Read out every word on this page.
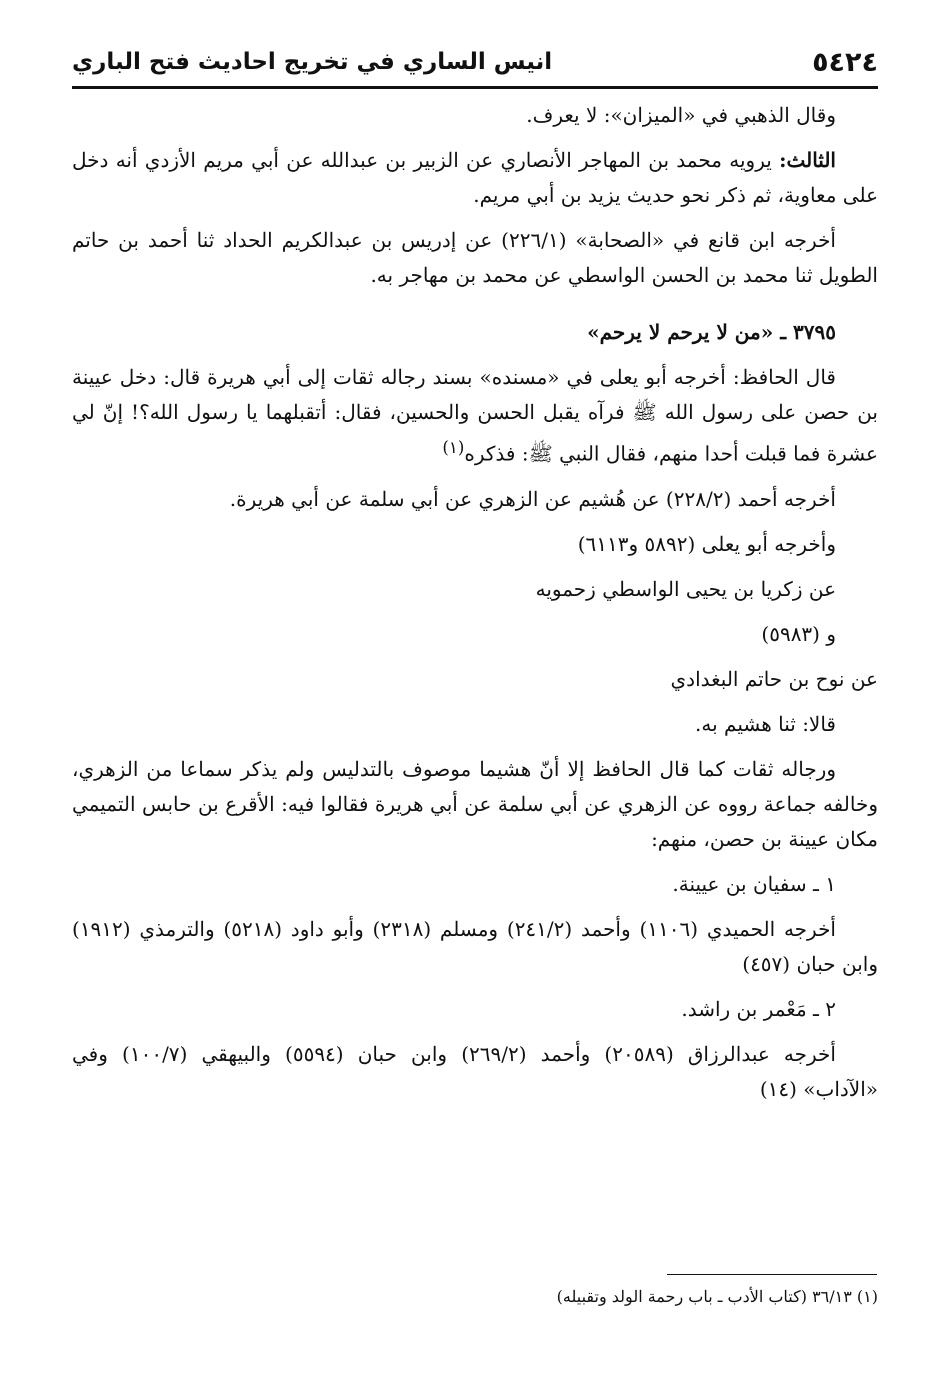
٥٤٢٤
انيس الساري في تخريج احاديث فتح الباري

وقال الذهبي في «الميزان»: لا يعرف.

الثالث: يرويه محمد بن المهاجر الأنصاري عن الزبير بن عبدالله عن أبي مريم الأزدي أنه دخل على معاوية، ثم ذكر نحو حديث يزيد بن أبي مريم.

أخرجه ابن قانع في «الصحابة» (٢٢٦/١) عن إدريس بن عبدالكريم الحداد ثنا أحمد بن حاتم الطويل ثنا محمد بن الحسن الواسطي عن محمد بن مهاجر به.

٣٧٩٥ ـ «من لا يرحم لا يرحم»

قال الحافظ: أخرجه أبو يعلى في «مسنده» بسند رجاله ثقات إلى أبي هريرة قال: دخل عيينة بن حصن على رسول الله ﷺ فرآه يقبل الحسن والحسين، فقال: أتقبلهما يا رسول الله؟! إنّ لي عشرة فما قبلت أحدا منهم، فقال النبي ﷺ: فذكره$^{(١)}$

أخرجه أحمد (٢٢٨/٢) عن هُشيم عن الزهري عن أبي سلمة عن أبي هريرة.

وأخرجه أبو يعلى (٥٨٩٢ و٦١١٣)

عن زكريا بن يحيى الواسطي زحمويه

و (٥٩٨٣)

عن نوح بن حاتم البغدادي

قالا: ثنا هشيم به.

ورجاله ثقات كما قال الحافظ إلا أنّ هشيما موصوف بالتدليس ولم يذكر سماعا من الزهري، وخالفه جماعة رووه عن الزهري عن أبي سلمة عن أبي هريرة فقالوا فيه: الأقرع بن حابس التميمي مكان عيينة بن حصن، منهم:

١ ـ سفيان بن عيينة.

أخرجه الحميدي (١١٠٦) وأحمد (٢٤١/٢) ومسلم (٢٣١٨) وأبو داود (٥٢١٨) والترمذي (١٩١٢) وابن حبان (٤٥٧)

٢ ـ مَعْمر بن راشد.

أخرجه عبدالرزاق (٢٠٥٨٩) وأحمد (٢٦٩/٢) وابن حبان (٥٥٩٤) والبيهقي (١٠٠/٧) وفي «الآداب» (١٤)

(١) ٣٦/١٣ (كتاب الأدب ـ باب رحمة الولد وتقبيله)
